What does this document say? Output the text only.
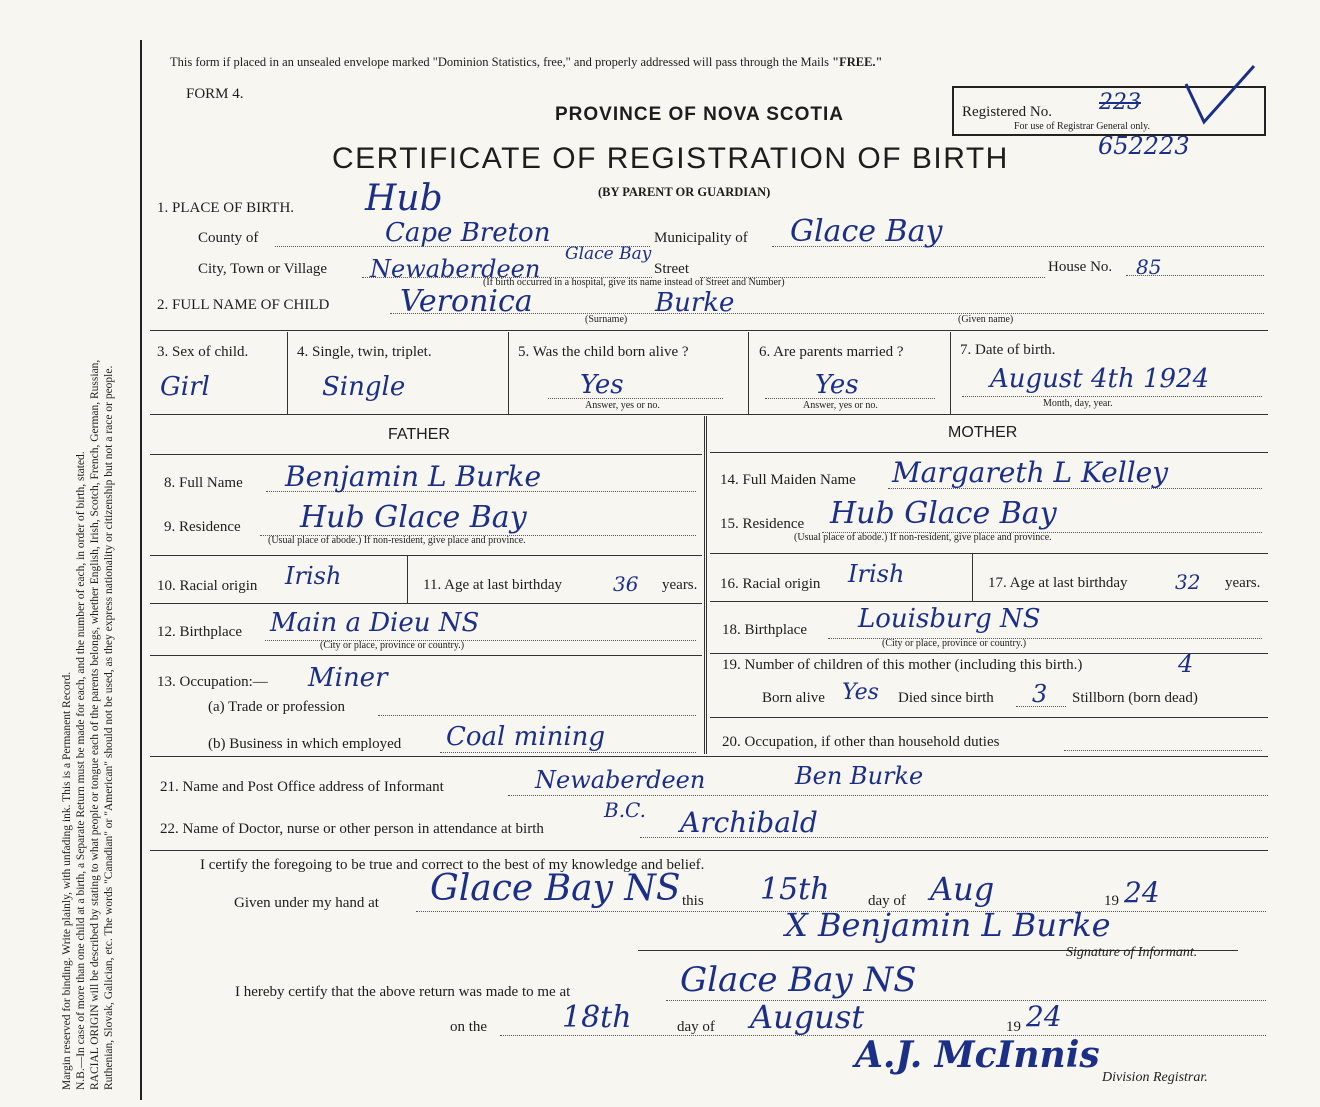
Margin reserved for binding. Write plainly, with unfading ink. This is a Permanent Record. N.B.—In case of more than one child at a birth, a Separate Return must be made for each, and the number of each, in order of birth, stated. RACIAL ORIGIN will be described by stating to what people or tongue each of the parents belongs, whether English, Irish, Scotch, French, German, Russian, Ruthenian, Slovak, Galician, etc. The words "Canadian" or "American" should not be used, as they express nationality or citizenship but not a race or people.

This form if placed in an unsealed envelope marked "Dominion Statistics, free," and properly addressed will pass through the Mails "FREE."
FORM 4.
PROVINCE OF NOVA SCOTIA
CERTIFICATE OF REGISTRATION OF BIRTH
(BY PARENT OR GUARDIAN)
Registered No.
For use of Registrar General only.
223
652223
1. PLACE OF BIRTH. Hub
County of	Cape Breton	Municipality of Glace Bay
City, Town or Village Newaberdeen
Glace Bay
Street
(If birth occurred in a hospital, give its name instead of Street and Number)
House No. 85
2. FULL NAME OF CHILD Veronica
(Surname)
Burke
(Given name)
3. Sex of child.
Girl
4. Single, twin, triplet.
Single
5. Was the child born alive ?
Yes
Answer, yes or no.
6. Are parents married ?
Yes
Answer, yes or no.
7. Date of birth.
August 4th 1924
Month, day, year.
FATHER	MOTHER
8. Full Name Benjamin L Burke
9. Residence Hub Glace Bay
(Usual place of abode.) If non-resident, give place and province.
10. Racial origin Irish	11. Age at last birthday	36 years.
12. Birthplace Main a Dieu NS
(City or place, province or country.)
13. Occupation:— Miner
(a) Trade or profession
(b) Business in which employed Coal mining
14. Full Maiden Name Margareth L Kelley
15. Residence Hub Glace Bay
(Usual place of abode.) If non-resident, give place and province.
16. Racial origin Irish	17. Age at last birthday 32 years.
18. Birthplace Louisburg NS
(City or place, province or country.)
19. Number of children of this mother (including this birth.)	4
Born alive Yes Died since birth 3 Stillborn (born dead)
20. Occupation, if other than household duties
21. Name and Post Office address of Informant	Newaberdeen	Ben Burke
22. Name of Doctor, nurse or other person in attendance at birth
B.C. Archibald
I certify the foregoing to be true and correct to the best of my knowledge and belief.
Given under my hand at Glace Bay NS this 15th	day of Aug	19 24
X Benjamin L Burke
Signature of Informant.
I hereby certify that the above return was made to me at	Glace Bay NS
on the 18th	day of August	19 24
A.J. McInnis
Division Registrar.
